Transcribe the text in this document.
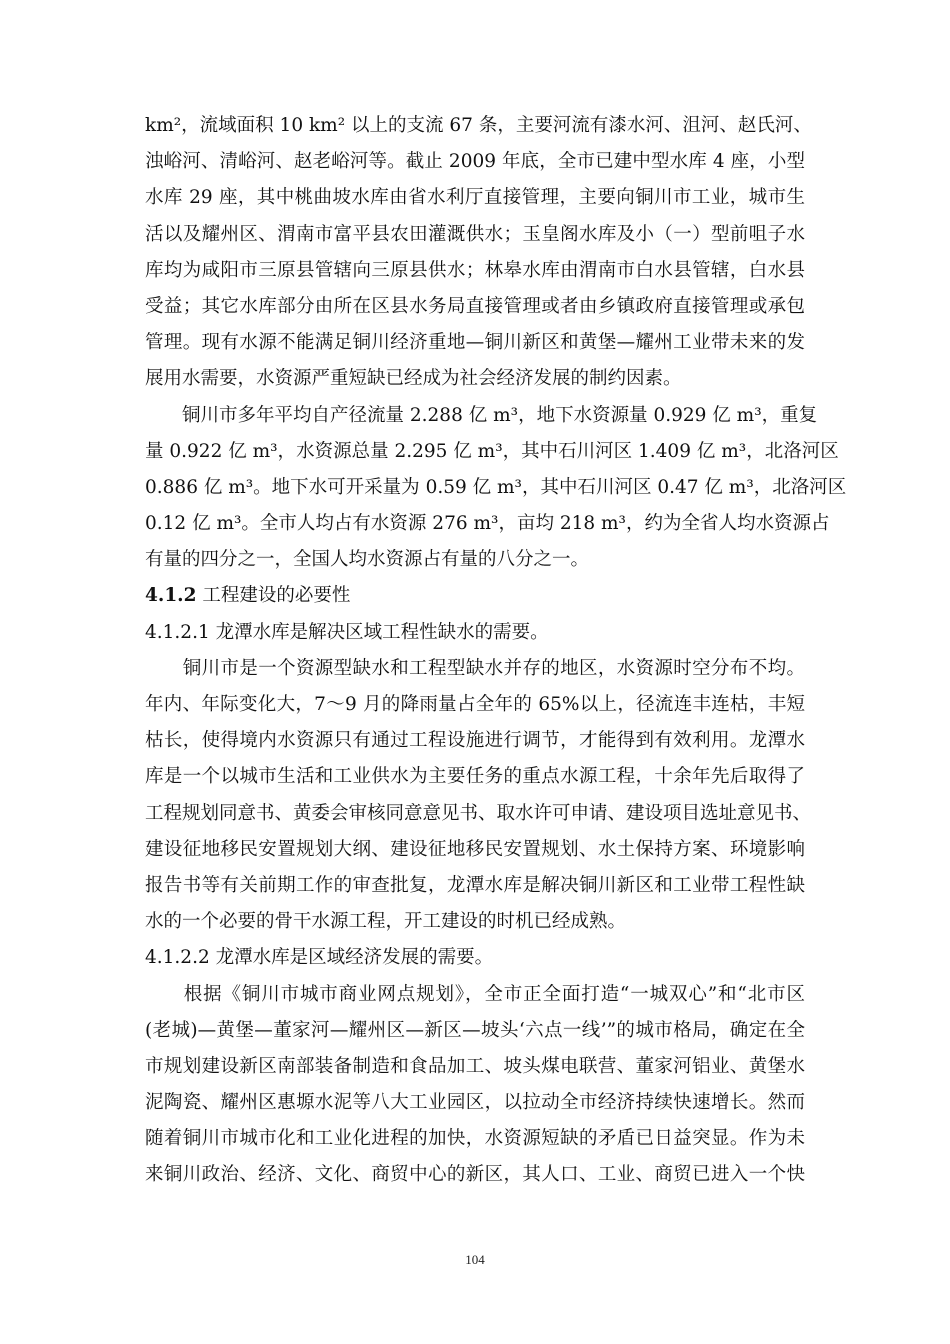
km²，流域面积 10 km² 以上的支流 67 条，主要河流有漆水河、沮河、赵氏河、
浊峪河、清峪河、赵老峪河等。截止 2009 年底，全市已建中型水库 4 座，小型
水库 29 座，其中桃曲坡水库由省水利厅直接管理，主要向铜川市工业，城市生
活以及耀州区、渭南市富平县农田灌溉供水；玉皇阁水库及小（一）型前咀子水
库均为咸阳市三原县管辖向三原县供水；林皋水库由渭南市白水县管辖，白水县
受益；其它水库部分由所在区县水务局直接管理或者由乡镇政府直接管理或承包
管理。现有水源不能满足铜川经济重地—铜川新区和黄堡—耀州工业带未来的发
展用水需要，水资源严重短缺已经成为社会经济发展的制约因素。
　　铜川市多年平均自产径流量 2.288 亿 m³，地下水资源量 0.929 亿 m³，重复
量 0.922 亿 m³，水资源总量 2.295 亿 m³，其中石川河区 1.409 亿 m³，北洛河区
0.886 亿 m³。地下水可开采量为 0.59 亿 m³，其中石川河区 0.47 亿 m³，北洛河区
0.12 亿 m³。全市人均占有水资源 276 m³，亩均 218 m³，约为全省人均水资源占
有量的四分之一，全国人均水资源占有量的八分之一。
4.1.2 工程建设的必要性
4.1.2.1 龙潭水库是解决区域工程性缺水的需要。
　　铜川市是一个资源型缺水和工程型缺水并存的地区，水资源时空分布不均。
年内、年际变化大，7～9 月的降雨量占全年的 65%以上，径流连丰连枯，丰短
枯长，使得境内水资源只有通过工程设施进行调节，才能得到有效利用。龙潭水
库是一个以城市生活和工业供水为主要任务的重点水源工程，十余年先后取得了
工程规划同意书、黄委会审核同意意见书、取水许可申请、建设项目选址意见书、
建设征地移民安置规划大纲、建设征地移民安置规划、水土保持方案、环境影响
报告书等有关前期工作的审查批复，龙潭水库是解决铜川新区和工业带工程性缺
水的一个必要的骨干水源工程，开工建设的时机已经成熟。
4.1.2.2 龙潭水库是区域经济发展的需要。
　　根据《铜川市城市商业网点规划》，全市正全面打造“一城双心”和“北市区
(老城)—黄堡—董家河—耀州区—新区—坡头‘六点一线’”的城市格局，确定在全
市规划建设新区南部装备制造和食品加工、坡头煤电联营、董家河铝业、黄堡水
泥陶瓷、耀州区惠塬水泥等八大工业园区，以拉动全市经济持续快速增长。然而
随着铜川市城市化和工业化进程的加快，水资源短缺的矛盾已日益突显。作为未
来铜川政治、经济、文化、商贸中心的新区，其人口、工业、商贸已进入一个快
104
